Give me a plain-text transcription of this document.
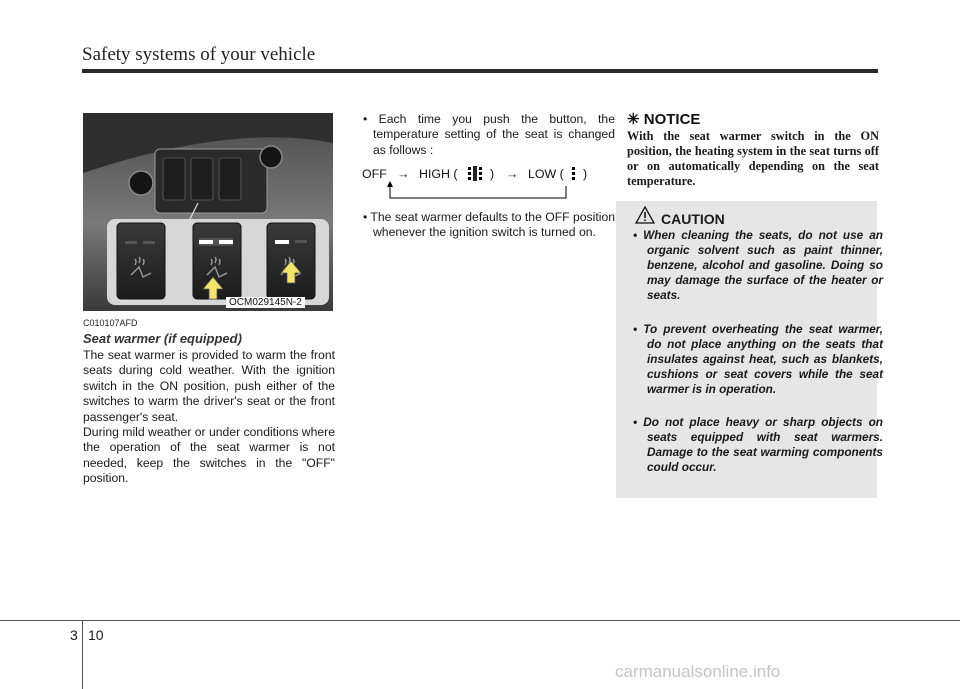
Safety systems of your vehicle
OCM029145N-2
C010107AFD
Seat warmer (if equipped)

The seat warmer is provided to warm the front seats during cold weather. With the ignition switch in the ON position, push either of the switches to warm the driver's seat or the front passenger's seat.

During mild weather or under conditions where the operation of the seat warmer is not needed, keep the switches in the "OFF" position.

• Each time you push the button, the temperature setting of the seat is changed as follows :

OFF → HIGH (	) → LOW ( )

• The seat warmer defaults to the OFF position whenever the ignition switch is turned on.

✳ NOTICE

With the seat warmer switch in the ON position, the heating system in the seat turns off or on automatically depending on the seat temperature.

CAUTION

• When cleaning the seats, do not use an organic solvent such as paint thinner, benzene, alcohol and gasoline. Doing so may damage the surface of the heater or seats.

• To prevent overheating the seat warmer, do not place anything on the seats that insulates against heat, such as blankets, cushions or seat covers while the seat warmer is in operation.

• Do not place heavy or sharp objects on seats equipped with seat warmers. Damage to the seat warming components could occur.

3 10
carmanualsonline.info
